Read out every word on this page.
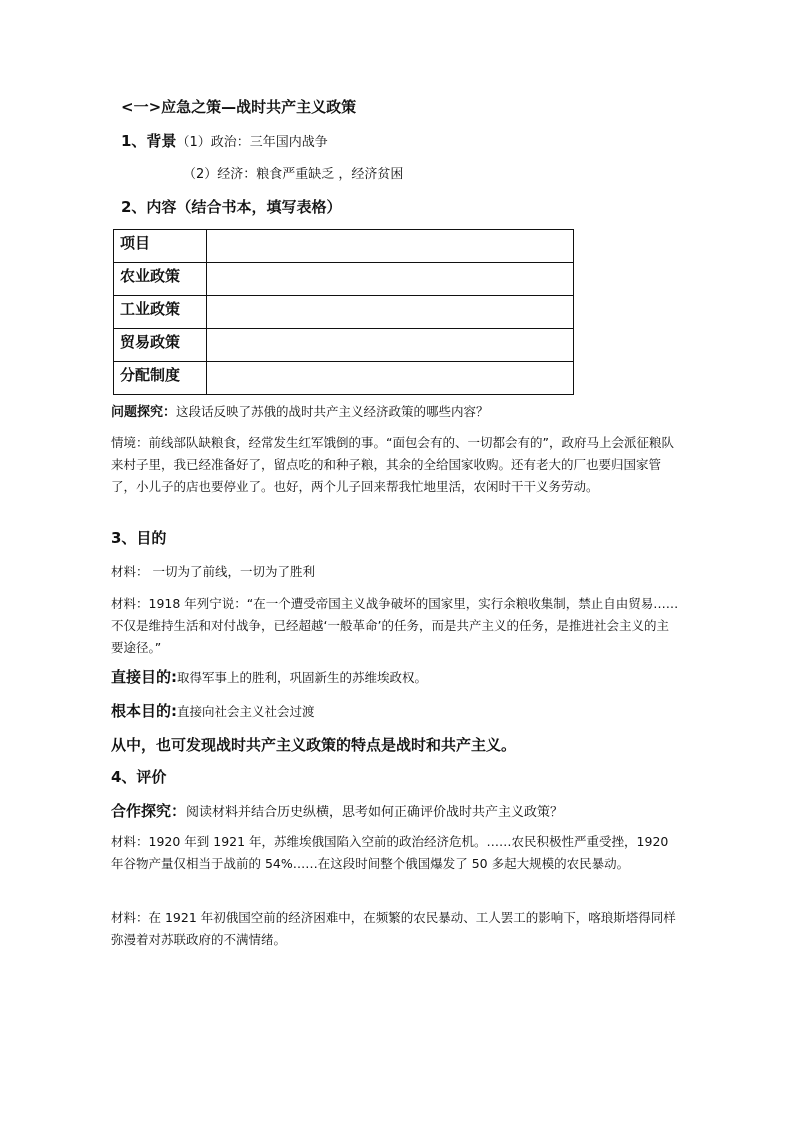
<一>应急之策—战时共产主义政策
1、背景（1）政治：三年国内战争
（2）经济：粮食严重缺乏 ，经济贫困
2、内容（结合书本，填写表格）
项目	
农业政策	
工业政策	
贸易政策	
分配制度	
问题探究：这段话反映了苏俄的战时共产主义经济政策的哪些内容？
情境：前线部队缺粮食，经常发生红军饿倒的事。“面包会有的、一切都会有的”，政府马上会派征粮队来村子里，我已经准备好了，留点吃的和种子粮，其余的全给国家收购。还有老大的厂也要归国家管了，小儿子的店也要停业了。也好，两个儿子回来帮我忙地里活，农闲时干干义务劳动。
3、目的
材料： 一切为了前线，一切为了胜利
材料：1918 年列宁说：“在一个遭受帝国主义战争破坏的国家里，实行余粮收集制，禁止自由贸易……不仅是维持生活和对付战争，已经超越‘一般革命’的任务，而是共产主义的任务，是推进社会主义的主要途径。”
直接目的:取得军事上的胜利，巩固新生的苏维埃政权。
根本目的:直接向社会主义社会过渡
从中，也可发现战时共产主义政策的特点是战时和共产主义。
4、评价
合作探究：阅读材料并结合历史纵横，思考如何正确评价战时共产主义政策？
材料：1920 年到 1921 年，苏维埃俄国陷入空前的政治经济危机。……农民积极性严重受挫，1920 年谷物产量仅相当于战前的 54%……在这段时间整个俄国爆发了 50 多起大规模的农民暴动。
材料：在 1921 年初俄国空前的经济困难中，在频繁的农民暴动、工人罢工的影响下，喀琅斯塔得同样弥漫着对苏联政府的不满情绪。
